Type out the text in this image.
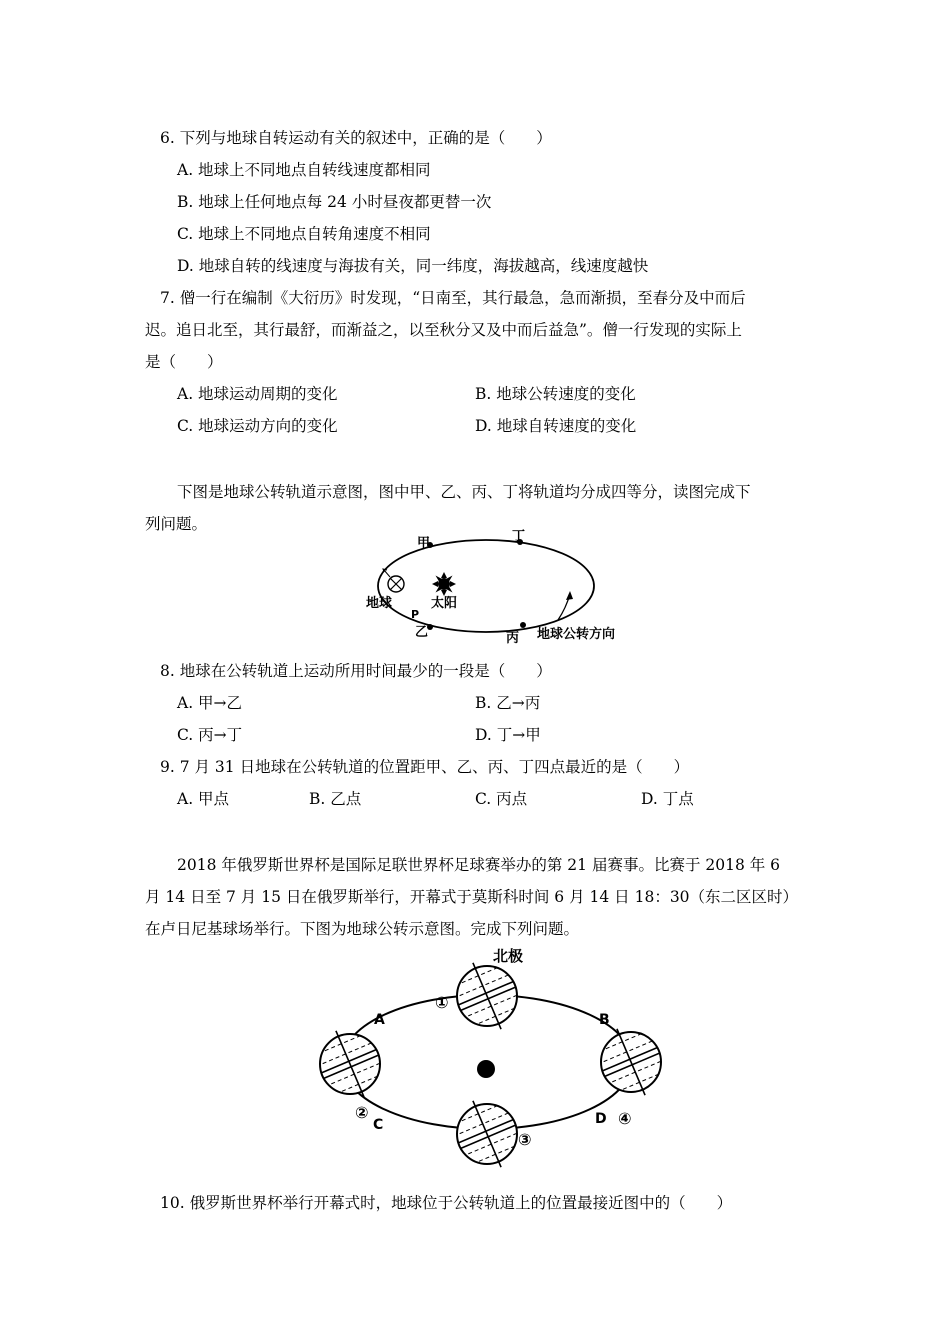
6. 下列与地球自转运动有关的叙述中，正确的是（　　）
A. 地球上不同地点自转线速度都相同
B. 地球上任何地点每 24 小时昼夜都更替一次
C. 地球上不同地点自转角速度不相同
D. 地球自转的线速度与海拔有关，同一纬度，海拔越高，线速度越快
7. 僧一行在编制《大衍历》时发现，“日南至，其行最急，急而渐损，至春分及中而后
迟。追日北至，其行最舒，而渐益之，以至秋分又及中而后益急”。僧一行发现的实际上
是（　　）
A. 地球运动周期的变化	B. 地球公转速度的变化
C. 地球运动方向的变化	D. 地球自转速度的变化
下图是地球公转轨道示意图，图中甲、乙、丙、丁将轨道均分成四等分，读图完成下
列问题。
甲	丁
乙	丙
地球
P
太阳
地球公转方向
8. 地球在公转轨道上运动所用时间最少的一段是（　　）
A. 甲→乙	B. 乙→丙
C. 丙→丁	D. 丁→甲
9. 7 月 31 日地球在公转轨道的位置距甲、乙、丙、丁四点最近的是（　　）
A. 甲点	B. 乙点	C. 丙点	D. 丁点
2018 年俄罗斯世界杯是国际足联世界杯足球赛举办的第 21 届赛事。比赛于 2018 年 6
月 14 日至 7 月 15 日在俄罗斯举行，开幕式于莫斯科时间 6 月 14 日 18：30（东二区区时）
在卢日尼基球场举行。下图为地球公转示意图。完成下列问题。
北极
A	B
C	D
①
②
③
④
10. 俄罗斯世界杯举行开幕式时，地球位于公转轨道上的位置最接近图中的（　　）
